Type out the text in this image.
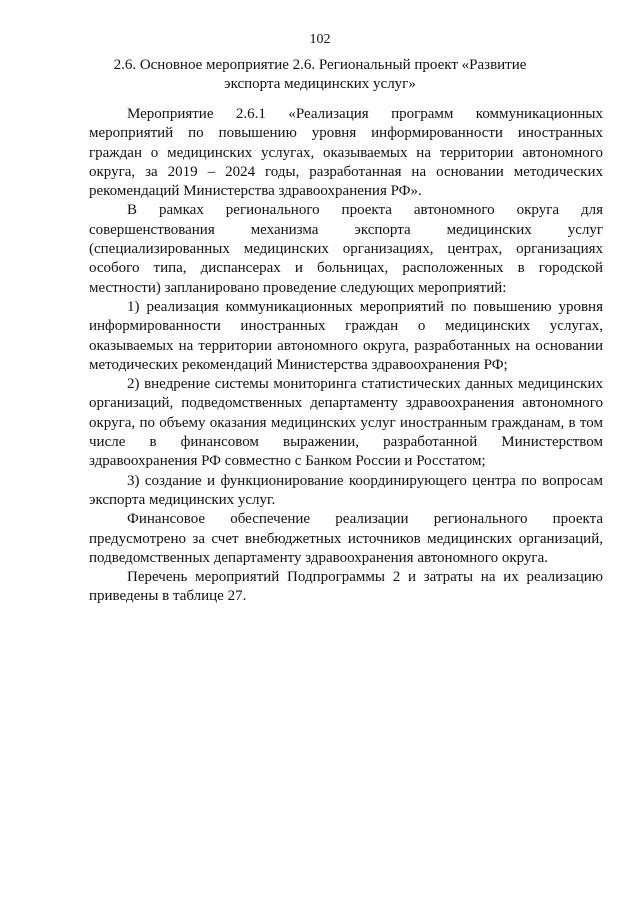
102
2.6. Основное мероприятие 2.6. Региональный проект «Развитие экспорта медицинских услуг»

Мероприятие 2.6.1 «Реализация программ коммуникационных мероприятий по повышению уровня информированности иностранных граждан о медицинских услугах, оказываемых на территории автономного округа, за 2019 – 2024 годы, разработанная на основании методических рекомендаций Министерства здравоохранения РФ».

В рамках регионального проекта автономного округа для совершенствования механизма экспорта медицинских услуг (специализированных медицинских организациях, центрах, организациях особого типа, диспансерах и больницах, расположенных в городской местности) запланировано проведение следующих мероприятий:

1) реализация коммуникационных мероприятий по повышению уровня информированности иностранных граждан о медицинских услугах, оказываемых на территории автономного округа, разработанных на основании методических рекомендаций Министерства здравоохранения РФ;

2) внедрение системы мониторинга статистических данных медицинских организаций, подведомственных департаменту здравоохранения автономного округа, по объему оказания медицинских услуг иностранным гражданам, в том числе в финансовом выражении, разработанной Министерством здравоохранения РФ совместно с Банком России и Росстатом;

3) создание и функционирование координирующего центра по вопросам экспорта медицинских услуг.

Финансовое обеспечение реализации регионального проекта предусмотрено за счет внебюджетных источников медицинских организаций, подведомственных департаменту здравоохранения автономного округа.

Перечень мероприятий Подпрограммы 2 и затраты на их реализацию приведены в таблице 27.
